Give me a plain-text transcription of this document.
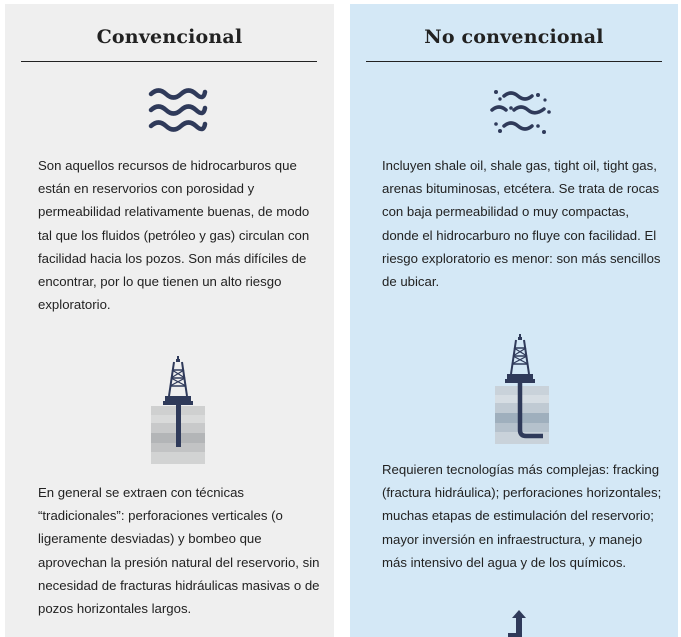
Convencional
Son aquellos recursos de hidrocarburos que están en reservorios con porosidad y permeabilidad relativamente buenas, de modo tal que los fluidos (petróleo y gas) circulan con facilidad hacia los pozos. Son más difíciles de encontrar, por lo que tienen un alto riesgo exploratorio.
En general se extraen con técnicas “tradicionales”: perforaciones verticales (o ligeramente desviadas) y bombeo que aprovechan la presión natural del reservorio, sin necesidad de fracturas hidráulicas masivas o de pozos horizontales largos.
No convencional
Incluyen shale oil, shale gas, tight oil, tight gas, arenas bituminosas, etcétera. Se trata de rocas con baja permeabilidad o muy compactas, donde el hidrocarburo no fluye con facilidad. El riesgo exploratorio es menor: son más sencillos de ubicar.
Requieren tecnologías más complejas: fracking (fractura hidráulica); perforaciones horizontales; muchas etapas de estimulación del reservorio; mayor inversión en infraestructura, y manejo más intensivo del agua y de los químicos.
